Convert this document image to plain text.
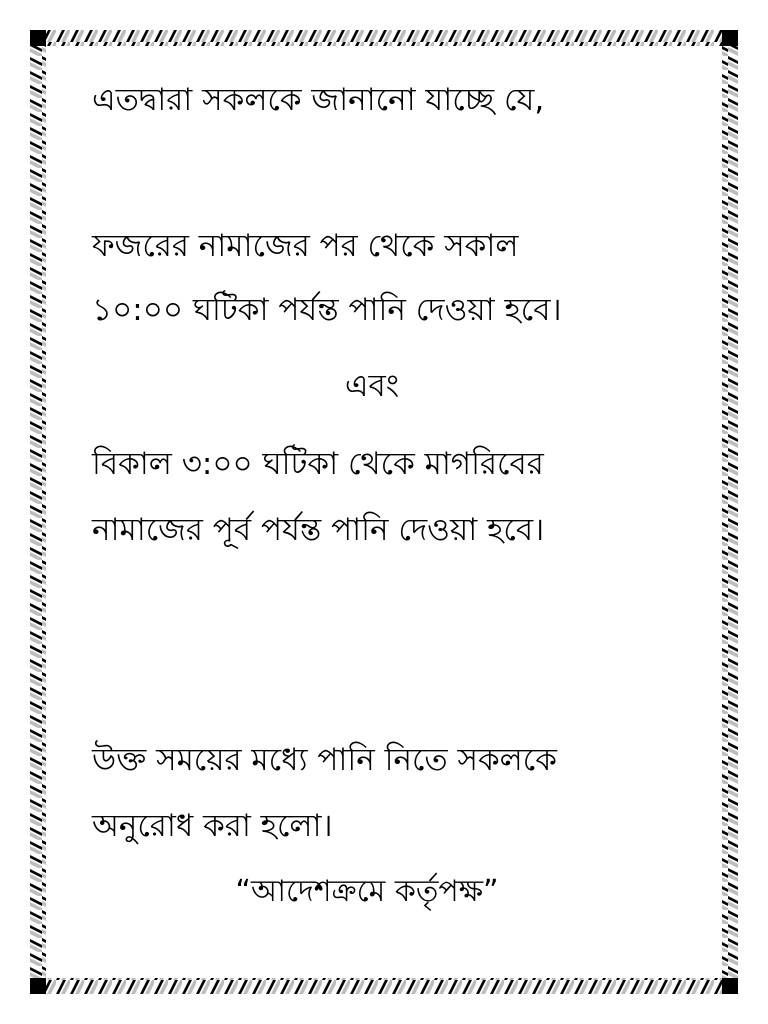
এতদ্বারা সকলকে জানানো যাচ্ছে যে,
ফজরের নামাজের পর থেকে সকাল
১০:০০ ঘটিকা পর্যন্ত পানি দেওয়া হবে।
এবং
বিকাল ৩:০০ ঘটিকা থেকে মাগরিবের
নামাজের পূর্ব পর্যন্ত পানি দেওয়া হবে।
উক্ত সময়ের মধ্যে পানি নিতে সকলকে
অনুরোধ করা হলো।
“আদেশক্রমে কর্তৃপক্ষ”
